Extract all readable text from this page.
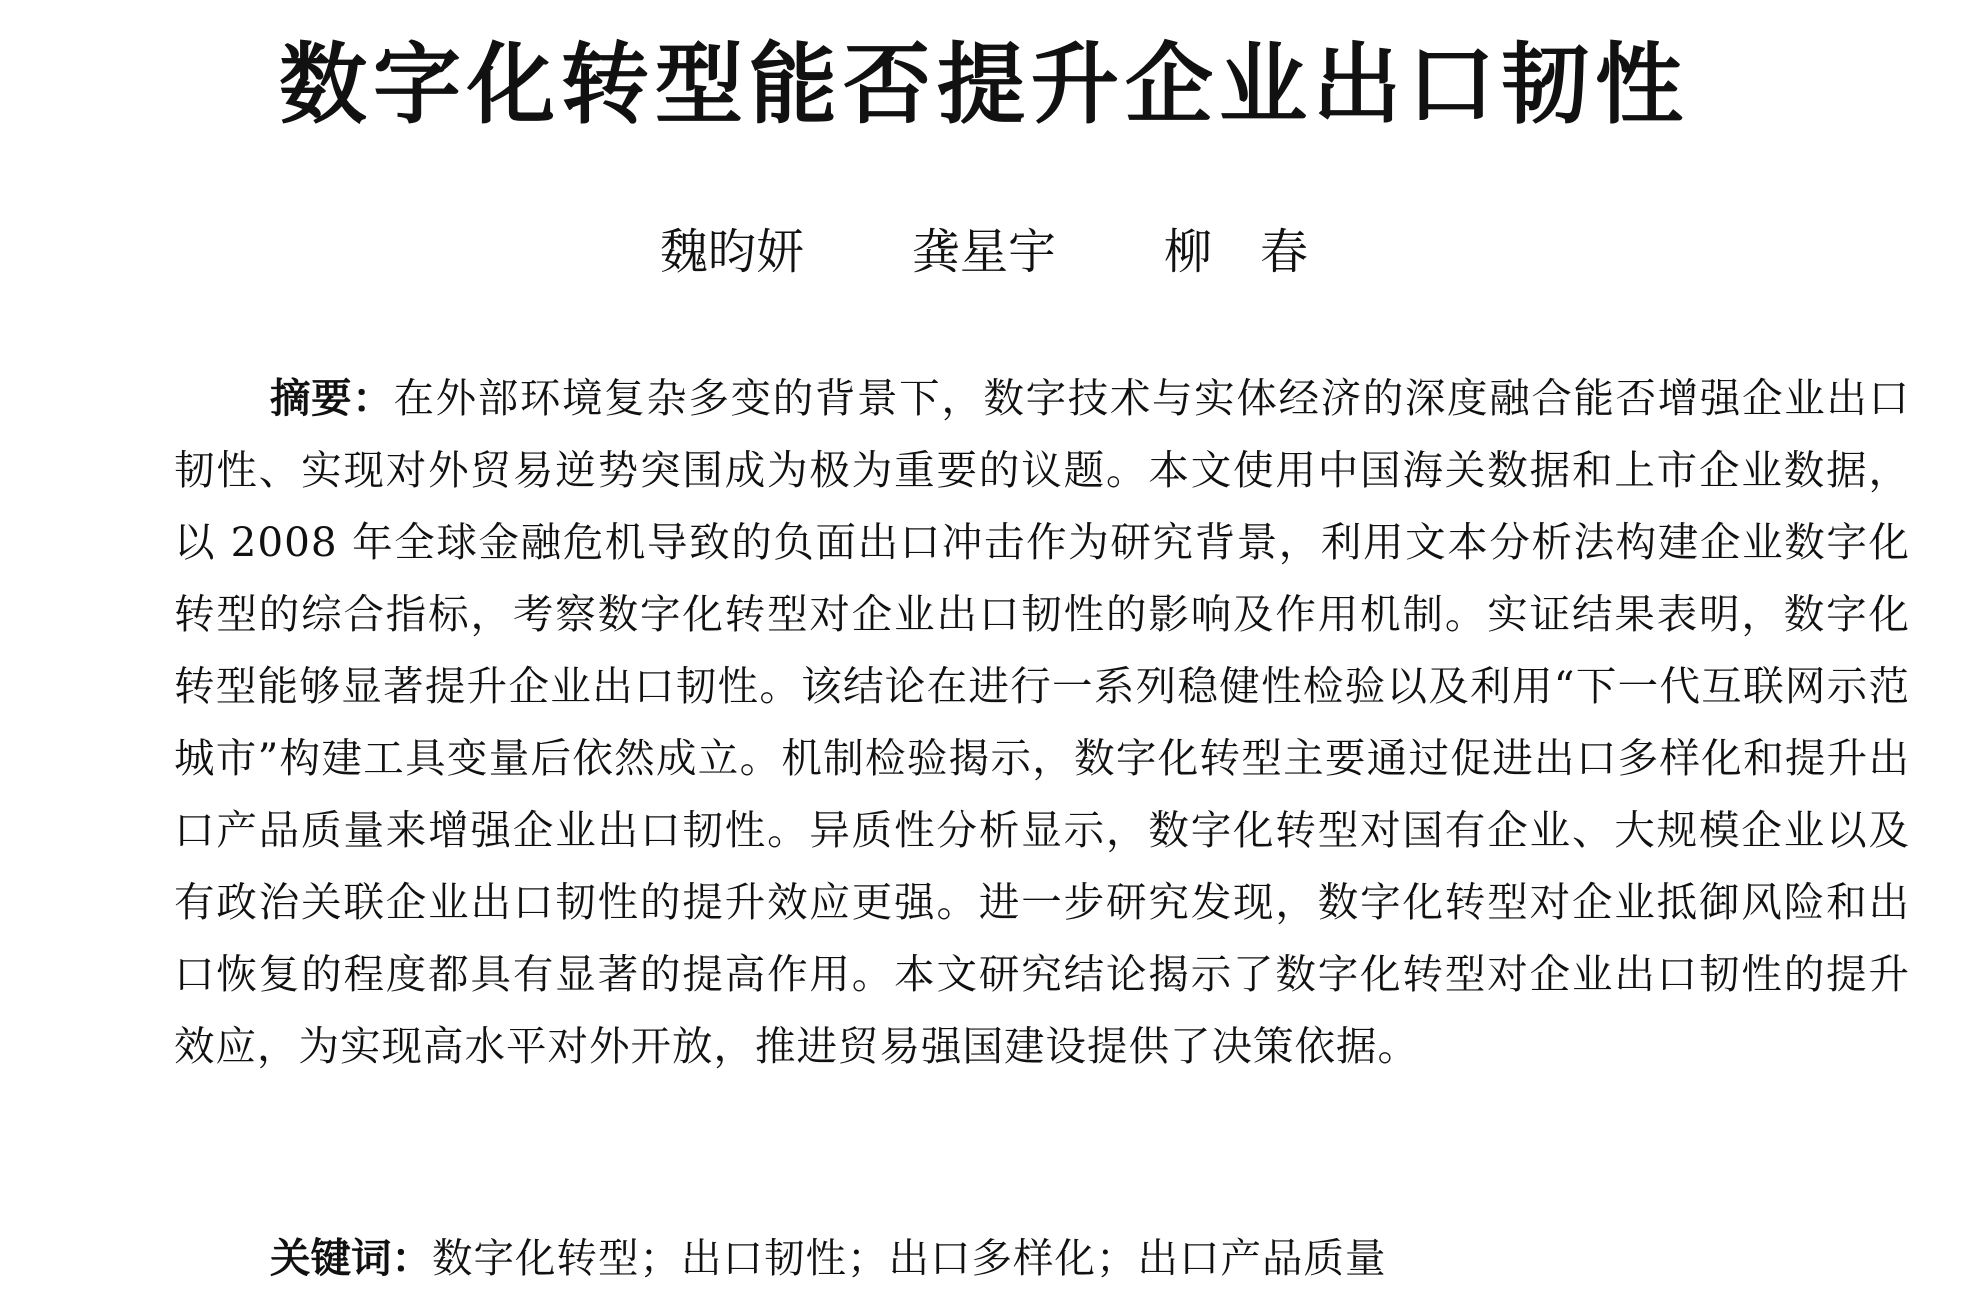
数字化转型能否提升企业出口韧性
魏昀妍 龚星宇 柳　春
摘要：在外部环境复杂多变的背景下，数字技术与实体经济的深度融合能否增强企业出口韧性、实现对外贸易逆势突围成为极为重要的议题。本文使用中国海关数据和上市企业数据，以 2008 年全球金融危机导致的负面出口冲击作为研究背景，利用文本分析法构建企业数字化转型的综合指标，考察数字化转型对企业出口韧性的影响及作用机制。实证结果表明，数字化转型能够显著提升企业出口韧性。该结论在进行一系列稳健性检验以及利用“下一代互联网示范城市”构建工具变量后依然成立。机制检验揭示，数字化转型主要通过促进出口多样化和提升出口产品质量来增强企业出口韧性。异质性分析显示，数字化转型对国有企业、大规模企业以及有政治关联企业出口韧性的提升效应更强。进一步研究发现，数字化转型对企业抵御风险和出口恢复的程度都具有显著的提高作用。本文研究结论揭示了数字化转型对企业出口韧性的提升效应，为实现高水平对外开放，推进贸易强国建设提供了决策依据。
关键词：数字化转型；出口韧性；出口多样化；出口产品质量
